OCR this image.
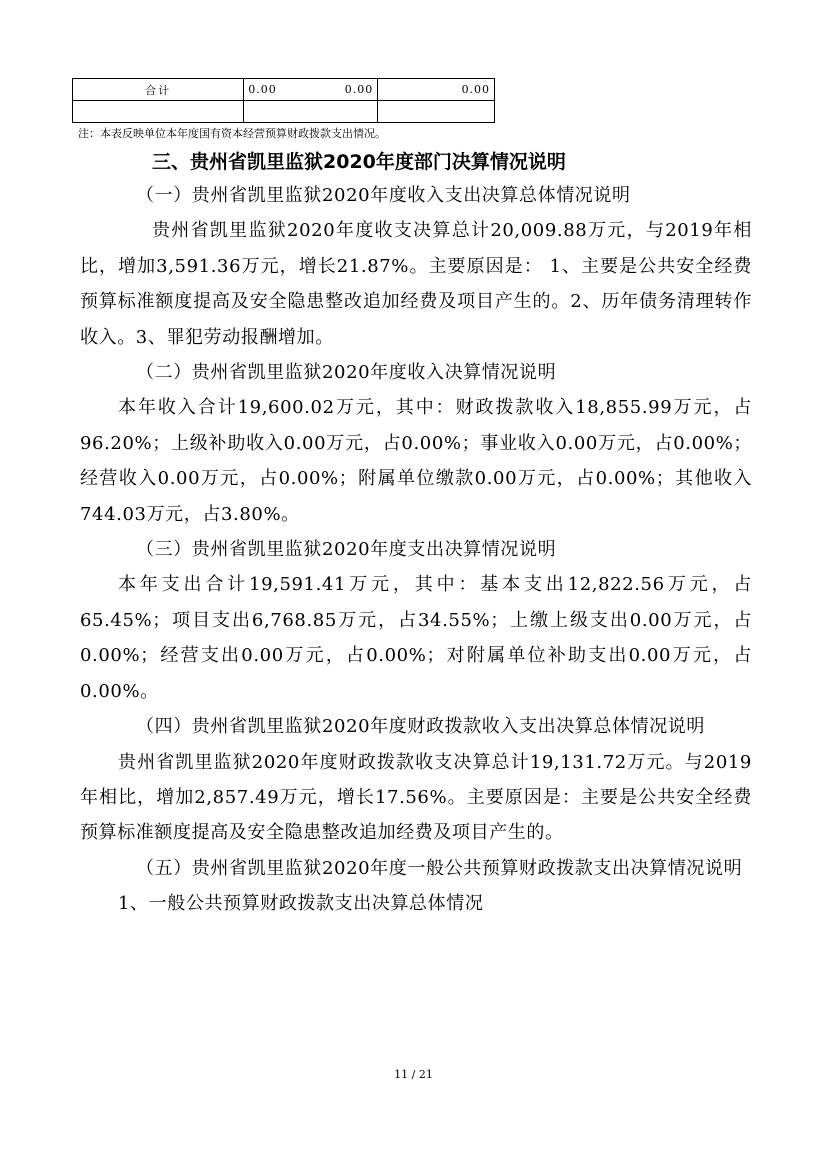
合计	0.00	0.00	0.00

注：本表反映单位本年度国有资本经营预算财政拨款支出情况。
三、贵州省凯里监狱2020年度部门决算情况说明

（一）贵州省凯里监狱2020年度收入支出决算总体情况说明

贵州省凯里监狱2020年度收支决算总计20,009.88万元，与2019年相比，增加3,591.36万元，增长21.87%。主要原因是： 1、主要是公共安全经费预算标准额度提高及安全隐患整改追加经费及项目产生的。2、历年债务清理转作收入。3、罪犯劳动报酬增加。

（二）贵州省凯里监狱2020年度收入决算情况说明

本年收入合计19,600.02万元，其中：财政拨款收入18,855.99万元，占96.20%；上级补助收入0.00万元，占0.00%；事业收入0.00万元，占0.00%；经营收入0.00万元，占0.00%；附属单位缴款0.00万元，占0.00%；其他收入744.03万元，占3.80%。

（三）贵州省凯里监狱2020年度支出决算情况说明

本年支出合计19,591.41万元，其中：基本支出12,822.56万元，占65.45%；项目支出6,768.85万元，占34.55%；上缴上级支出0.00万元，占0.00%；经营支出0.00万元，占0.00%；对附属单位补助支出0.00万元，占0.00%。

（四）贵州省凯里监狱2020年度财政拨款收入支出决算总体情况说明

贵州省凯里监狱2020年度财政拨款收支决算总计19,131.72万元。与2019年相比，增加2,857.49万元，增长17.56%。主要原因是：主要是公共安全经费预算标准额度提高及安全隐患整改追加经费及项目产生的。

（五）贵州省凯里监狱2020年度一般公共预算财政拨款支出决算情况说明

1、一般公共预算财政拨款支出决算总体情况

11 / 21
